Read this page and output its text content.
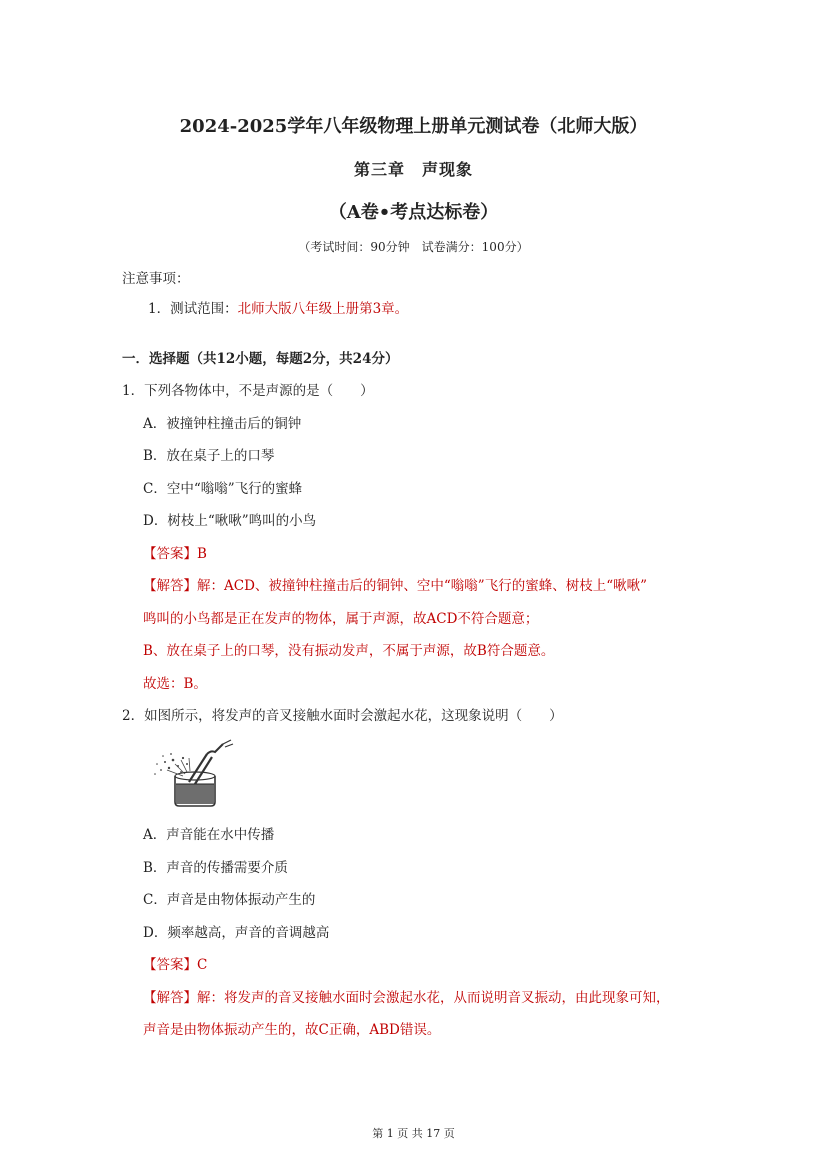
2024-2025学年八年级物理上册单元测试卷（北师大版）
第三章　声现象
（A卷•考点达标卷）
（考试时间：90分钟　试卷满分：100分）
注意事项：
1．测试范围：北师大版八年级上册第3章。
一．选择题（共12小题，每题2分，共24分）
1．下列各物体中，不是声源的是（　　）
A．被撞钟柱撞击后的铜钟
B．放在桌子上的口琴
C．空中“嗡嗡”飞行的蜜蜂
D．树枝上“啾啾”鸣叫的小鸟
【答案】B
【解答】解：ACD、被撞钟柱撞击后的铜钟、空中“嗡嗡”飞行的蜜蜂、树枝上“啾啾”
鸣叫的小鸟都是正在发声的物体，属于声源，故ACD不符合题意；
B、放在桌子上的口琴，没有振动发声，不属于声源，故B符合题意。
故选：B。
2．如图所示，将发声的音叉接触水面时会激起水花，这现象说明（　　）
A．声音能在水中传播
B．声音的传播需要介质
C．声音是由物体振动产生的
D．频率越高，声音的音调越高
【答案】C
【解答】解：将发声的音叉接触水面时会激起水花，从而说明音叉振动，由此现象可知，
声音是由物体振动产生的，故C正确，ABD错误。
第 1 页 共 17 页
